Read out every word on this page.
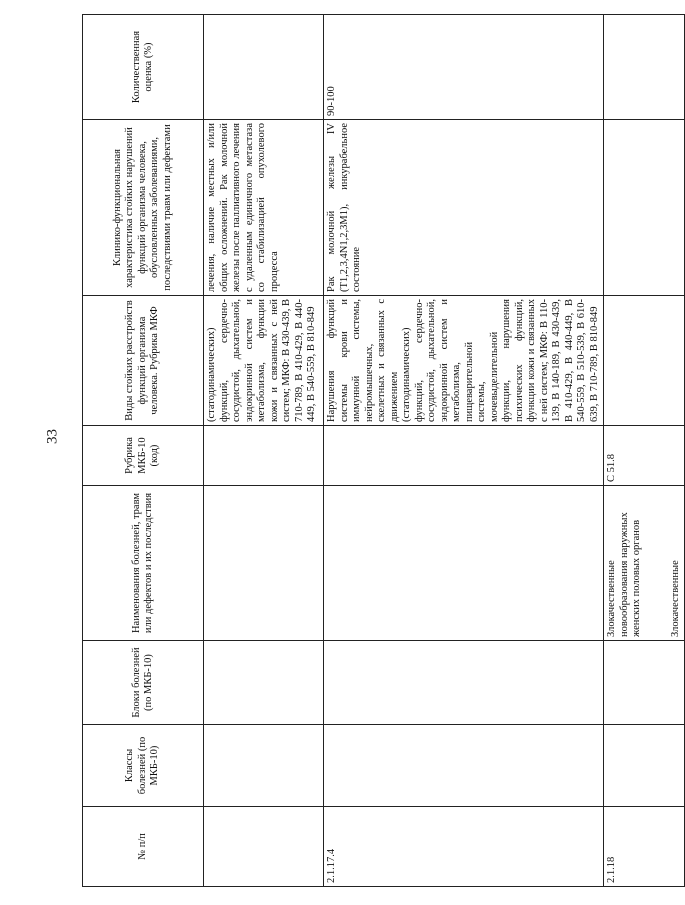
33
№ п/п	Классы болезней (по МКБ-10)	Блоки болезней (по МКБ-10)	Наименования болезней, травм или дефектов и их последствия	Рубрика МКБ-10 (код)	Виды стойких расстройств функций организма человека. Рубрика МКФ	Клинико-функциональная характеристика стойких нарушений функций организма человека, обусловленных заболеваниями, последствиями травм или дефектами	Количественная оценка (%)
					(статодинамических) функций, сердечно-сосудистой, дыхательной, эндокринной систем и метаболизма, функции кожи и связанных с ней систем; МКФ: B 430-439, B 710-789, B 410-429, B 440-449, B 540-559, B 810-849	лечения, наличие местных и/или общих осложнений. Рак молочной железы после паллиативного лечения с удаленным единичного метастаза со стабилизацией опухолевого процесса	
2.1.17.4					Нарушения функций системы крови и иммунной системы, нейромышечных, скелетных и связанных с движением (статодинамических) функций, сердечно-сосудистой, дыхательной, эндокринной систем и метаболизма, пищеварительной системы, мочевыделительной функции, нарушения психических функций, функции кожи и связанных с ней систем; МКФ: B 110-139, B 140-189, B 430-439, B 410-429, B 440-449, B 540-559, B 510-539, B 610-639, B 710-789, B 810-849	Рак молочной железы IV (T1,2,3,4N1,2,3M1), инкурабельное состояние	90-100
2.1.18			Злокачественные новообразования наружных женских половых органов Злокачественные	C 51.8			
